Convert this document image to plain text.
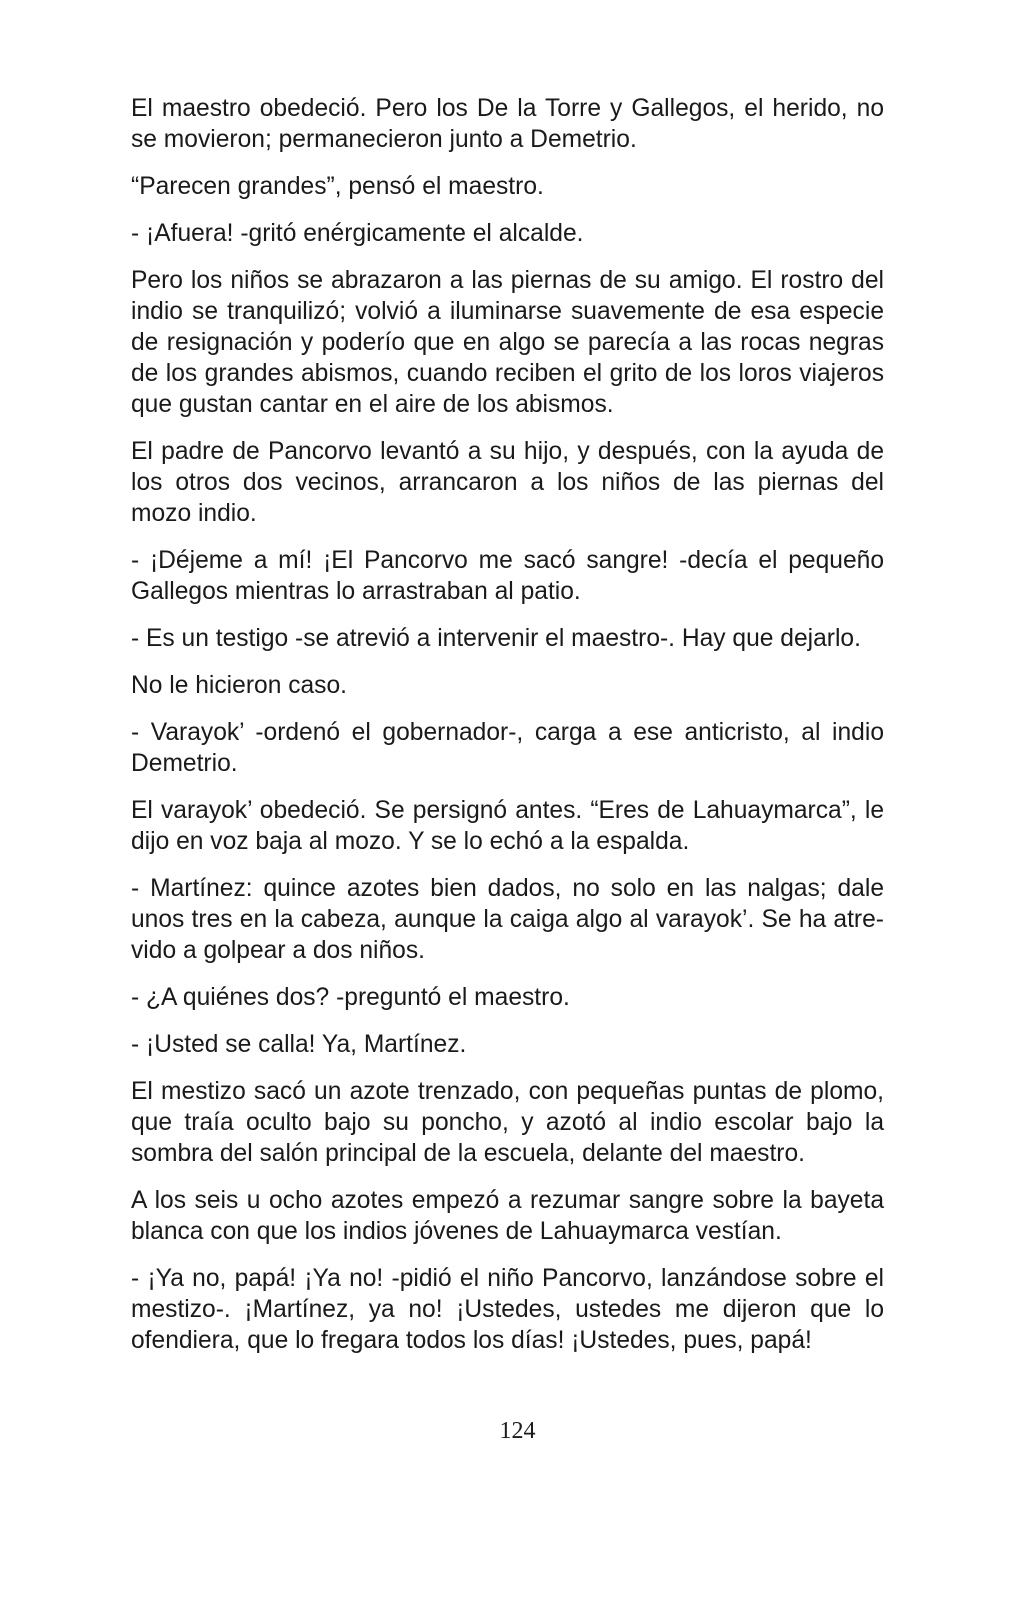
El maestro obedeció. Pero los De la Torre y Gallegos, el herido, no se movieron; permanecieron junto a Demetrio.

“Parecen grandes”, pensó el maestro.

- ¡Afuera! -gritó enérgicamente el alcalde.

Pero los niños se abrazaron a las piernas de su amigo. El rostro del indio se tranquilizó; volvió a iluminarse suavemente de esa especie de resignación y poderío que en algo se parecía a las rocas negras de los grandes abismos, cuando reciben el grito de los loros viajeros que gustan cantar en el aire de los abismos.

El padre de Pancorvo levantó a su hijo, y después, con la ayuda de los otros dos vecinos, arrancaron a los niños de las piernas del mozo indio.

- ¡Déjeme a mí! ¡El Pancorvo me sacó sangre! -decía el pequeño Gallegos mientras lo arrastraban al patio.

- Es un testigo -se atrevió a intervenir el maestro-. Hay que dejarlo.

No le hicieron caso.

- Varayok’ -ordenó el gobernador-, carga a ese anticristo, al indio Demetrio.

El varayok’ obedeció. Se persignó antes. “Eres de Lahuaymarca”, le dijo en voz baja al mozo. Y se lo echó a la espalda.

- Martínez: quince azotes bien dados, no solo en las nalgas; dale unos tres en la cabeza, aunque la caiga algo al varayok’. Se ha atrevido a golpear a dos niños.

- ¿A quiénes dos? -preguntó el maestro.

- ¡Usted se calla! Ya, Martínez.

El mestizo sacó un azote trenzado, con pequeñas puntas de plomo, que traía oculto bajo su poncho, y azotó al indio escolar bajo la sombra del salón principal de la escuela, delante del maestro.

A los seis u ocho azotes empezó a rezumar sangre sobre la bayeta blanca con que los indios jóvenes de Lahuaymarca vestían.

- ¡Ya no, papá! ¡Ya no! -pidió el niño Pancorvo, lanzándose sobre el mestizo-. ¡Martínez, ya no! ¡Ustedes, ustedes me dijeron que lo ofendiera, que lo fregara todos los días! ¡Ustedes, pues, papá!

124
